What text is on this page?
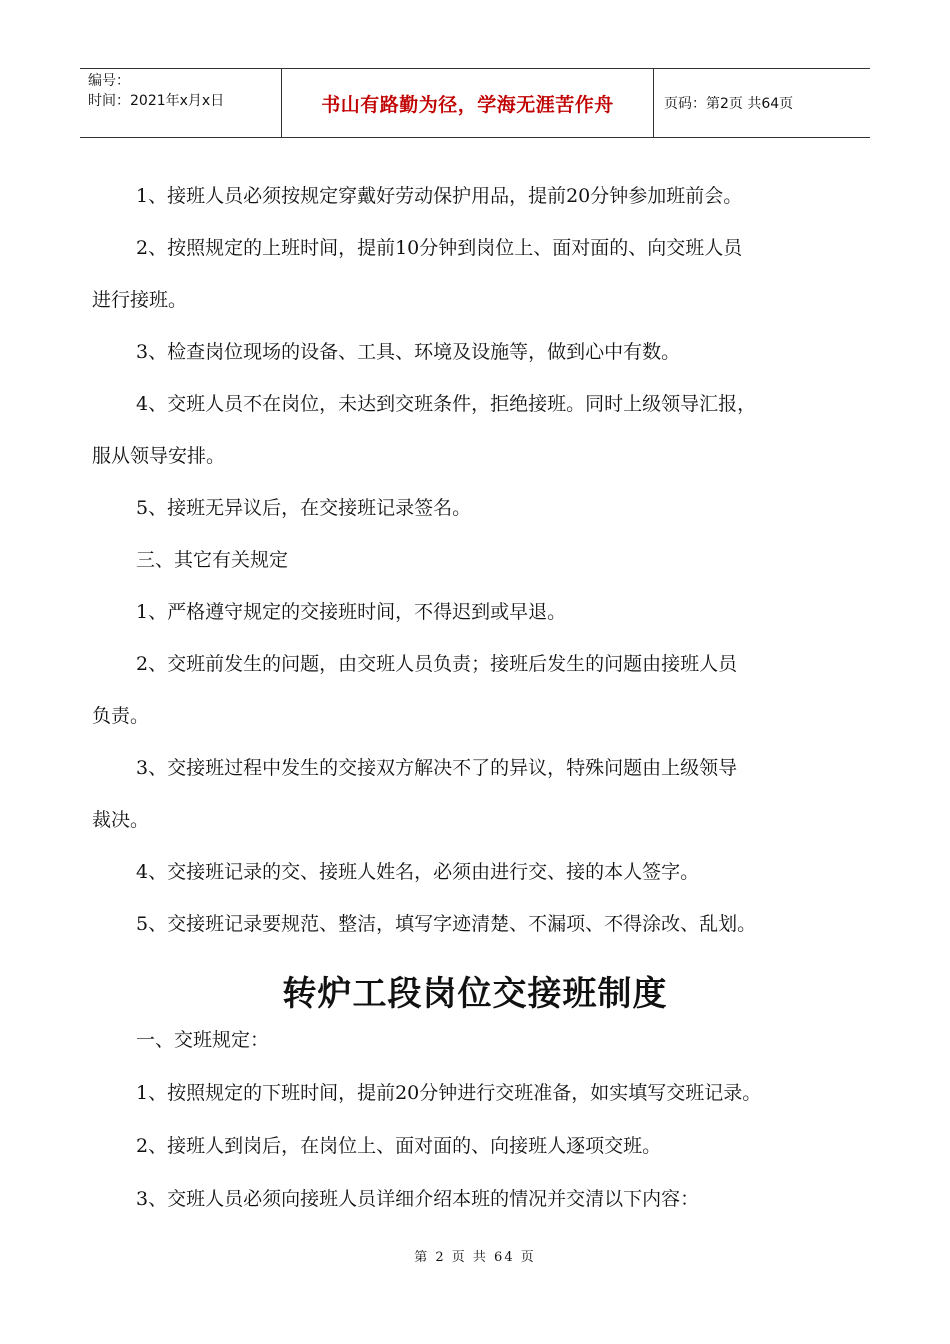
编号：
时间：2021年x月x日	书山有路勤为径，学海无涯苦作舟	页码：第2页 共64页

1、接班人员必须按规定穿戴好劳动保护用品，提前20分钟参加班前会。

2、按照规定的上班时间，提前10分钟到岗位上、面对面的、向交班人员

进行接班。

3、检查岗位现场的设备、工具、环境及设施等，做到心中有数。

4、交班人员不在岗位，未达到交班条件，拒绝接班。同时上级领导汇报，

服从领导安排。

5、接班无异议后，在交接班记录签名。

三、其它有关规定

1、严格遵守规定的交接班时间，不得迟到或早退。

2、交班前发生的问题，由交班人员负责；接班后发生的问题由接班人员

负责。

3、交接班过程中发生的交接双方解决不了的异议，特殊问题由上级领导

裁决。

4、交接班记录的交、接班人姓名，必须由进行交、接的本人签字。

5、交接班记录要规范、整洁，填写字迹清楚、不漏项、不得涂改、乱划。

转炉工段岗位交接班制度

一、交班规定：

1、按照规定的下班时间，提前20分钟进行交班准备，如实填写交班记录。

2、接班人到岗后，在岗位上、面对面的、向接班人逐项交班。

3、交班人员必须向接班人员详细介绍本班的情况并交清以下内容：

第 2 页 共 64 页
